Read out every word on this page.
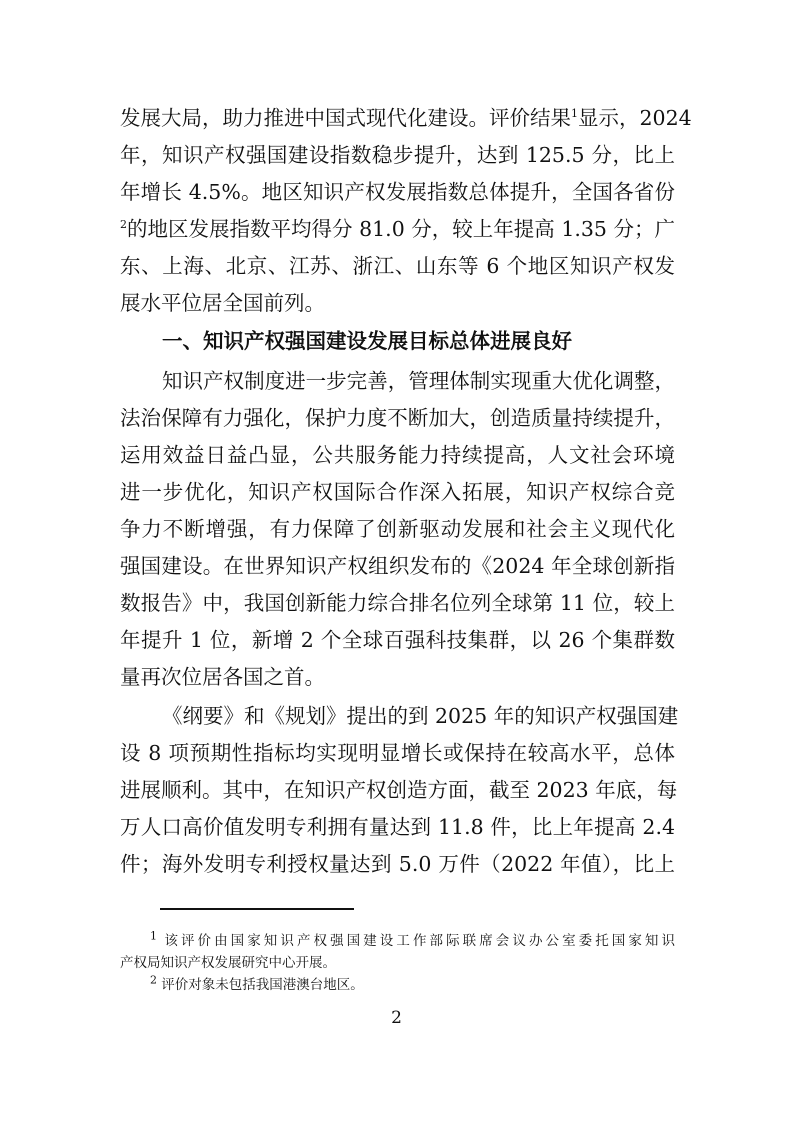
发展大局，助力推进中国式现代化建设。评价结果$^1$显示，2024
年，知识产权强国建设指数稳步提升，达到 125.5 分，比上
年增长 4.5%。地区知识产权发展指数总体提升，全国各省份
$^2$的地区发展指数平均得分 81.0 分，较上年提高 1.35 分；广
东、上海、北京、江苏、浙江、山东等 6 个地区知识产权发
展水平位居全国前列。
一、知识产权强国建设发展目标总体进展良好
知识产权制度进一步完善，管理体制实现重大优化调整，
法治保障有力强化，保护力度不断加大，创造质量持续提升，
运用效益日益凸显，公共服务能力持续提高，人文社会环境
进一步优化，知识产权国际合作深入拓展，知识产权综合竞
争力不断增强，有力保障了创新驱动发展和社会主义现代化
强国建设。在世界知识产权组织发布的《2024 年全球创新指
数报告》中，我国创新能力综合排名位列全球第 11 位，较上
年提升 1 位，新增 2 个全球百强科技集群，以 26 个集群数
量再次位居各国之首。
《纲要》和《规划》提出的到 2025 年的知识产权强国建
设 8 项预期性指标均实现明显增长或保持在较高水平，总体
进展顺利。其中，在知识产权创造方面，截至 2023 年底，每
万人口高价值发明专利拥有量达到 11.8 件，比上年提高 2.4
件；海外发明专利授权量达到 5.0 万件（2022 年值），比上
$^1$ 该评价由国家知识产权强国建设工作部际联席会议办公室委托国家知识
产权局知识产权发展研究中心开展。
$^2$ 评价对象未包括我国港澳台地区。
2
